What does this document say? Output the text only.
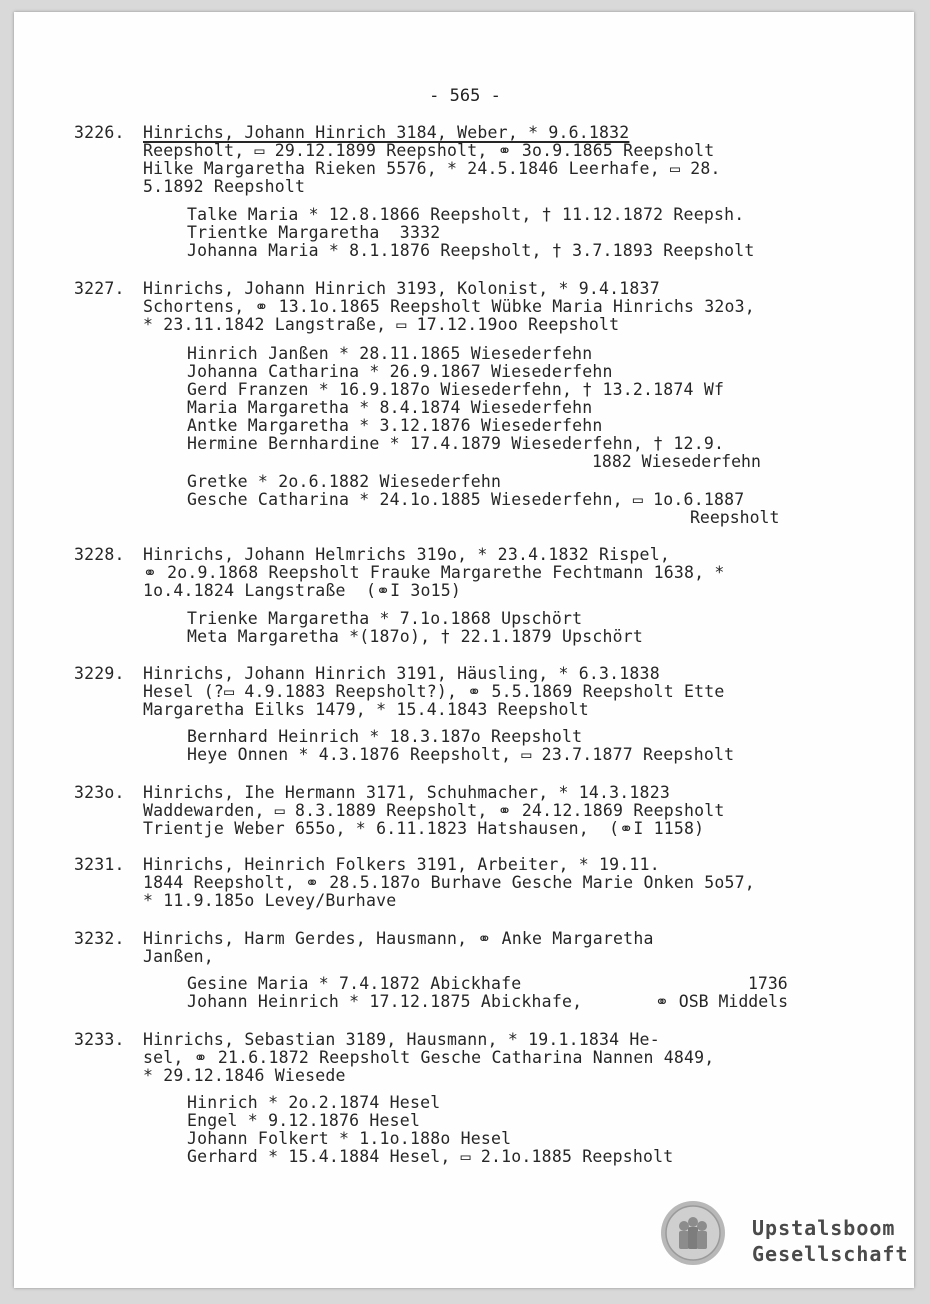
- 565 -
3226. Hinrichs, Johann Hinrich 3184, Weber, * 9.6.1832
Reepsholt, ▭ 29.12.1899 Reepsholt, ⚭ 3o.9.1865 Reepsholt
Hilke Margaretha Rieken 5576, * 24.5.1846 Leerhafe, ▭ 28.
5.1892 Reepsholt
Talke Maria * 12.8.1866 Reepsholt, † 11.12.1872 Reepsh.
Trientke Margaretha  3332
Johanna Maria * 8.1.1876 Reepsholt, † 3.7.1893 Reepsholt
3227. Hinrichs, Johann Hinrich 3193, Kolonist, * 9.4.1837
Schortens, ⚭ 13.1o.1865 Reepsholt Wübke Maria Hinrichs 32o3,
* 23.11.1842 Langstraße, ▭ 17.12.19oo Reepsholt
Hinrich Janßen * 28.11.1865 Wiesederfehn
Johanna Catharina * 26.9.1867 Wiesederfehn
Gerd Franzen * 16.9.187o Wiesederfehn, † 13.2.1874 Wf
Maria Margaretha * 8.4.1874 Wiesederfehn
Antke Margaretha * 3.12.1876 Wiesederfehn
Hermine Bernhardine * 17.4.1879 Wiesederfehn, † 12.9.
1882 Wiesederfehn
Gretke * 2o.6.1882 Wiesederfehn
Gesche Catharina * 24.1o.1885 Wiesederfehn, ▭ 1o.6.1887
Reepsholt
3228. Hinrichs, Johann Helmrichs 319o, * 23.4.1832 Rispel,
⚭ 2o.9.1868 Reepsholt Frauke Margarethe Fechtmann 1638, *
1o.4.1824 Langstraße  (⚭I 3o15)
Trienke Margaretha * 7.1o.1868 Upschört
Meta Margaretha *(187o), † 22.1.1879 Upschört
3229. Hinrichs, Johann Hinrich 3191, Häusling, * 6.3.1838
Hesel (?▭ 4.9.1883 Reepsholt?), ⚭ 5.5.1869 Reepsholt Ette
Margaretha Eilks 1479, * 15.4.1843 Reepsholt
Bernhard Heinrich * 18.3.187o Reepsholt
Heye Onnen * 4.3.1876 Reepsholt, ▭ 23.7.1877 Reepsholt
323o. Hinrichs, Ihe Hermann 3171, Schuhmacher, * 14.3.1823
Waddewarden, ▭ 8.3.1889 Reepsholt, ⚭ 24.12.1869 Reepsholt
Trientje Weber 655o, * 6.11.1823 Hatshausen,  (⚭I 1158)
3231. Hinrichs, Heinrich Folkers 3191, Arbeiter, * 19.11.
1844 Reepsholt, ⚭ 28.5.187o Burhave Gesche Marie Onken 5o57,
* 11.9.185o Levey/Burhave
3232. Hinrichs, Harm Gerdes, Hausmann, ⚭ Anke Margaretha
Janßen,
Gesine Maria * 7.4.1872 Abickhafe	1736
Johann Heinrich * 17.12.1875 Abickhafe,	⚭ OSB Middels
3233. Hinrichs, Sebastian 3189, Hausmann, * 19.1.1834 He-
sel, ⚭ 21.6.1872 Reepsholt Gesche Catharina Nannen 4849,
* 29.12.1846 Wiesede
Hinrich * 2o.2.1874 Hesel
Engel * 9.12.1876 Hesel
Johann Folkert * 1.1o.188o Hesel
Gerhard * 15.4.1884 Hesel, ▭ 2.1o.1885 Reepsholt
Upstalsboom
Gesellschaft
